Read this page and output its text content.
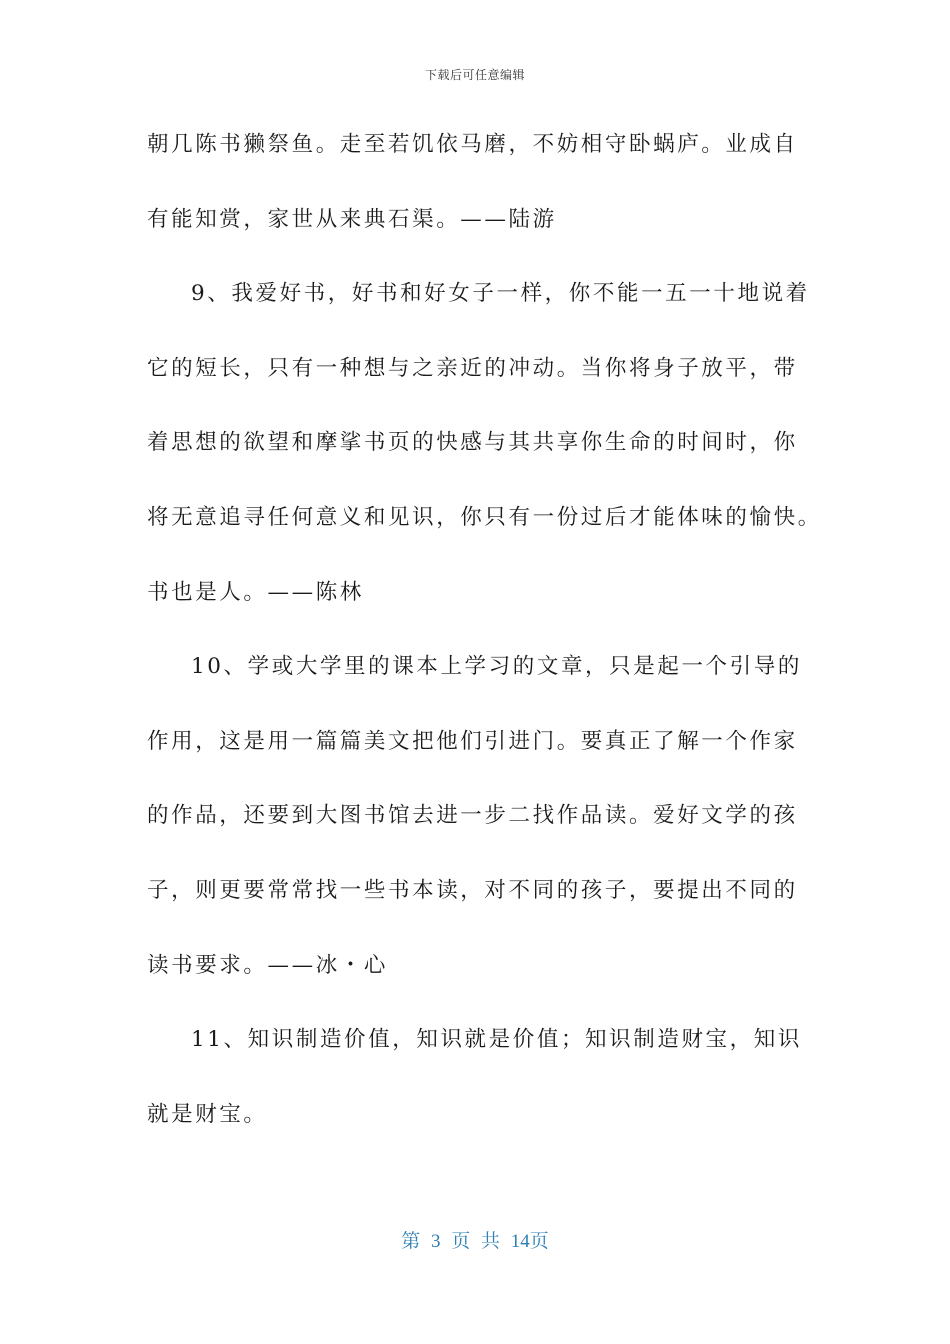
下载后可任意编辑
朝几陈书獭祭鱼。走至若饥依马磨，不妨相守卧蜗庐。业成自
有能知赏，家世从来典石渠。——陆游
9、我爱好书，好书和好女子一样，你不能一五一十地说着
它的短长，只有一种想与之亲近的冲动。当你将身子放平，带
着思想的欲望和摩挲书页的快感与其共享你生命的时间时，你
将无意追寻任何意义和见识，你只有一份过后才能体味的愉快。
书也是人。——陈林
10、学或大学里的课本上学习的文章，只是起一个引导的
作用，这是用一篇篇美文把他们引进门。要真正了解一个作家
的作品，还要到大图书馆去进一步二找作品读。爱好文学的孩
子，则更要常常找一些书本读，对不同的孩子，要提出不同的
读书要求。——冰・心
11、知识制造价值，知识就是价值；知识制造财宝，知识
就是财宝。
第 3 页 共 14页
